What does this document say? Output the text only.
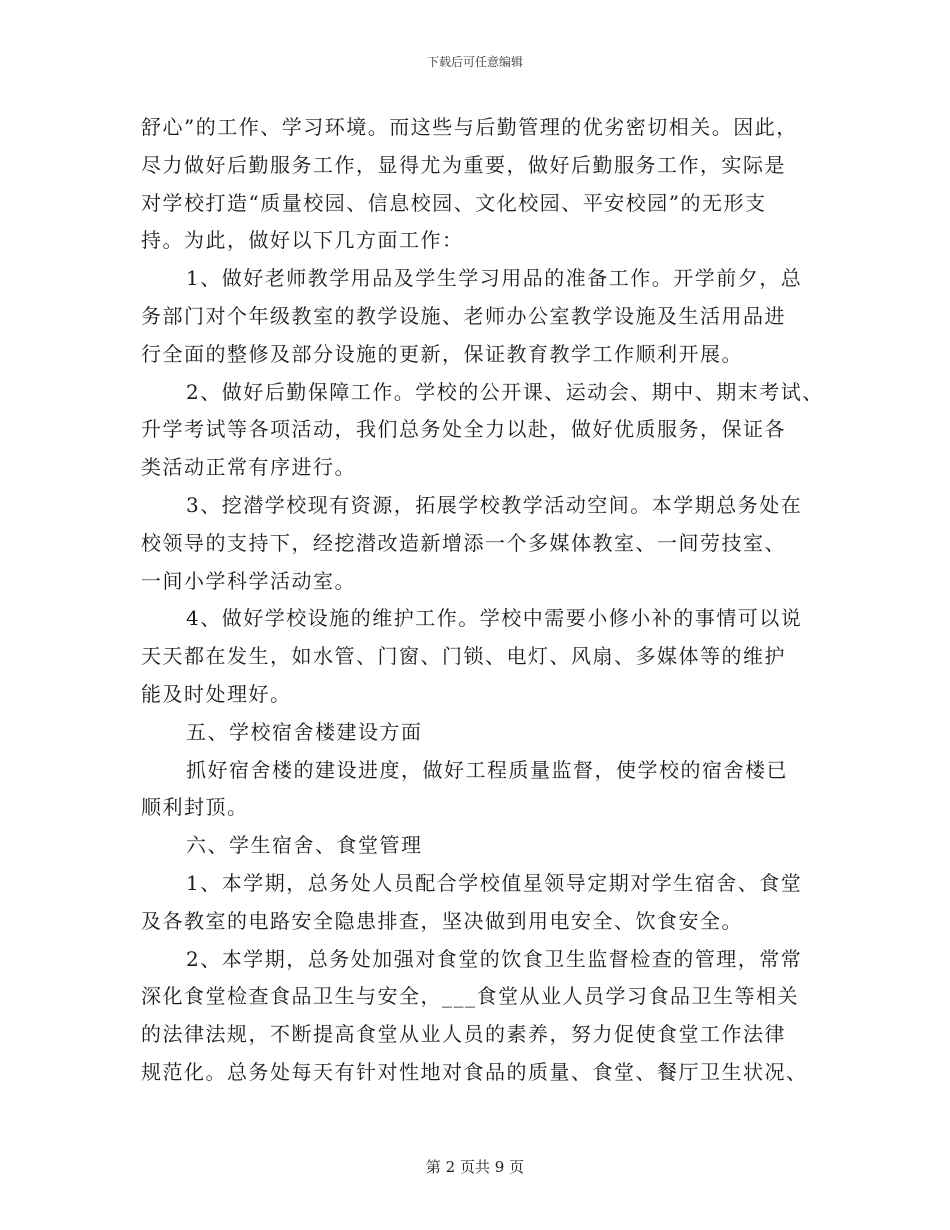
下载后可任意编辑
舒心”的工作、学习环境。而这些与后勤管理的优劣密切相关。因此，
尽力做好后勤服务工作，显得尤为重要，做好后勤服务工作，实际是
对学校打造“质量校园、信息校园、文化校园、平安校园”的无形支
持。为此，做好以下几方面工作：
1、做好老师教学用品及学生学习用品的准备工作。开学前夕，总
务部门对个年级教室的教学设施、老师办公室教学设施及生活用品进
行全面的整修及部分设施的更新，保证教育教学工作顺利开展。
2、做好后勤保障工作。学校的公开课、运动会、期中、期末考试、
升学考试等各项活动，我们总务处全力以赴，做好优质服务，保证各
类活动正常有序进行。
3、挖潜学校现有资源，拓展学校教学活动空间。本学期总务处在
校领导的支持下，经挖潜改造新增添一个多媒体教室、一间劳技室、
一间小学科学活动室。
4、做好学校设施的维护工作。学校中需要小修小补的事情可以说
天天都在发生，如水管、门窗、门锁、电灯、风扇、多媒体等的维护
能及时处理好。
五、学校宿舍楼建设方面
抓好宿舍楼的建设进度，做好工程质量监督，使学校的宿舍楼已
顺利封顶。
六、学生宿舍、食堂管理
1、本学期，总务处人员配合学校值星领导定期对学生宿舍、食堂
及各教室的电路安全隐患排查，坚决做到用电安全、饮食安全。
2、本学期，总务处加强对食堂的饮食卫生监督检查的管理，常常
深化食堂检查食品卫生与安全，___食堂从业人员学习食品卫生等相关
的法律法规，不断提高食堂从业人员的素养，努力促使食堂工作法律
规范化。总务处每天有针对性地对食品的质量、食堂、餐厅卫生状况、
第 2 页共 9 页
